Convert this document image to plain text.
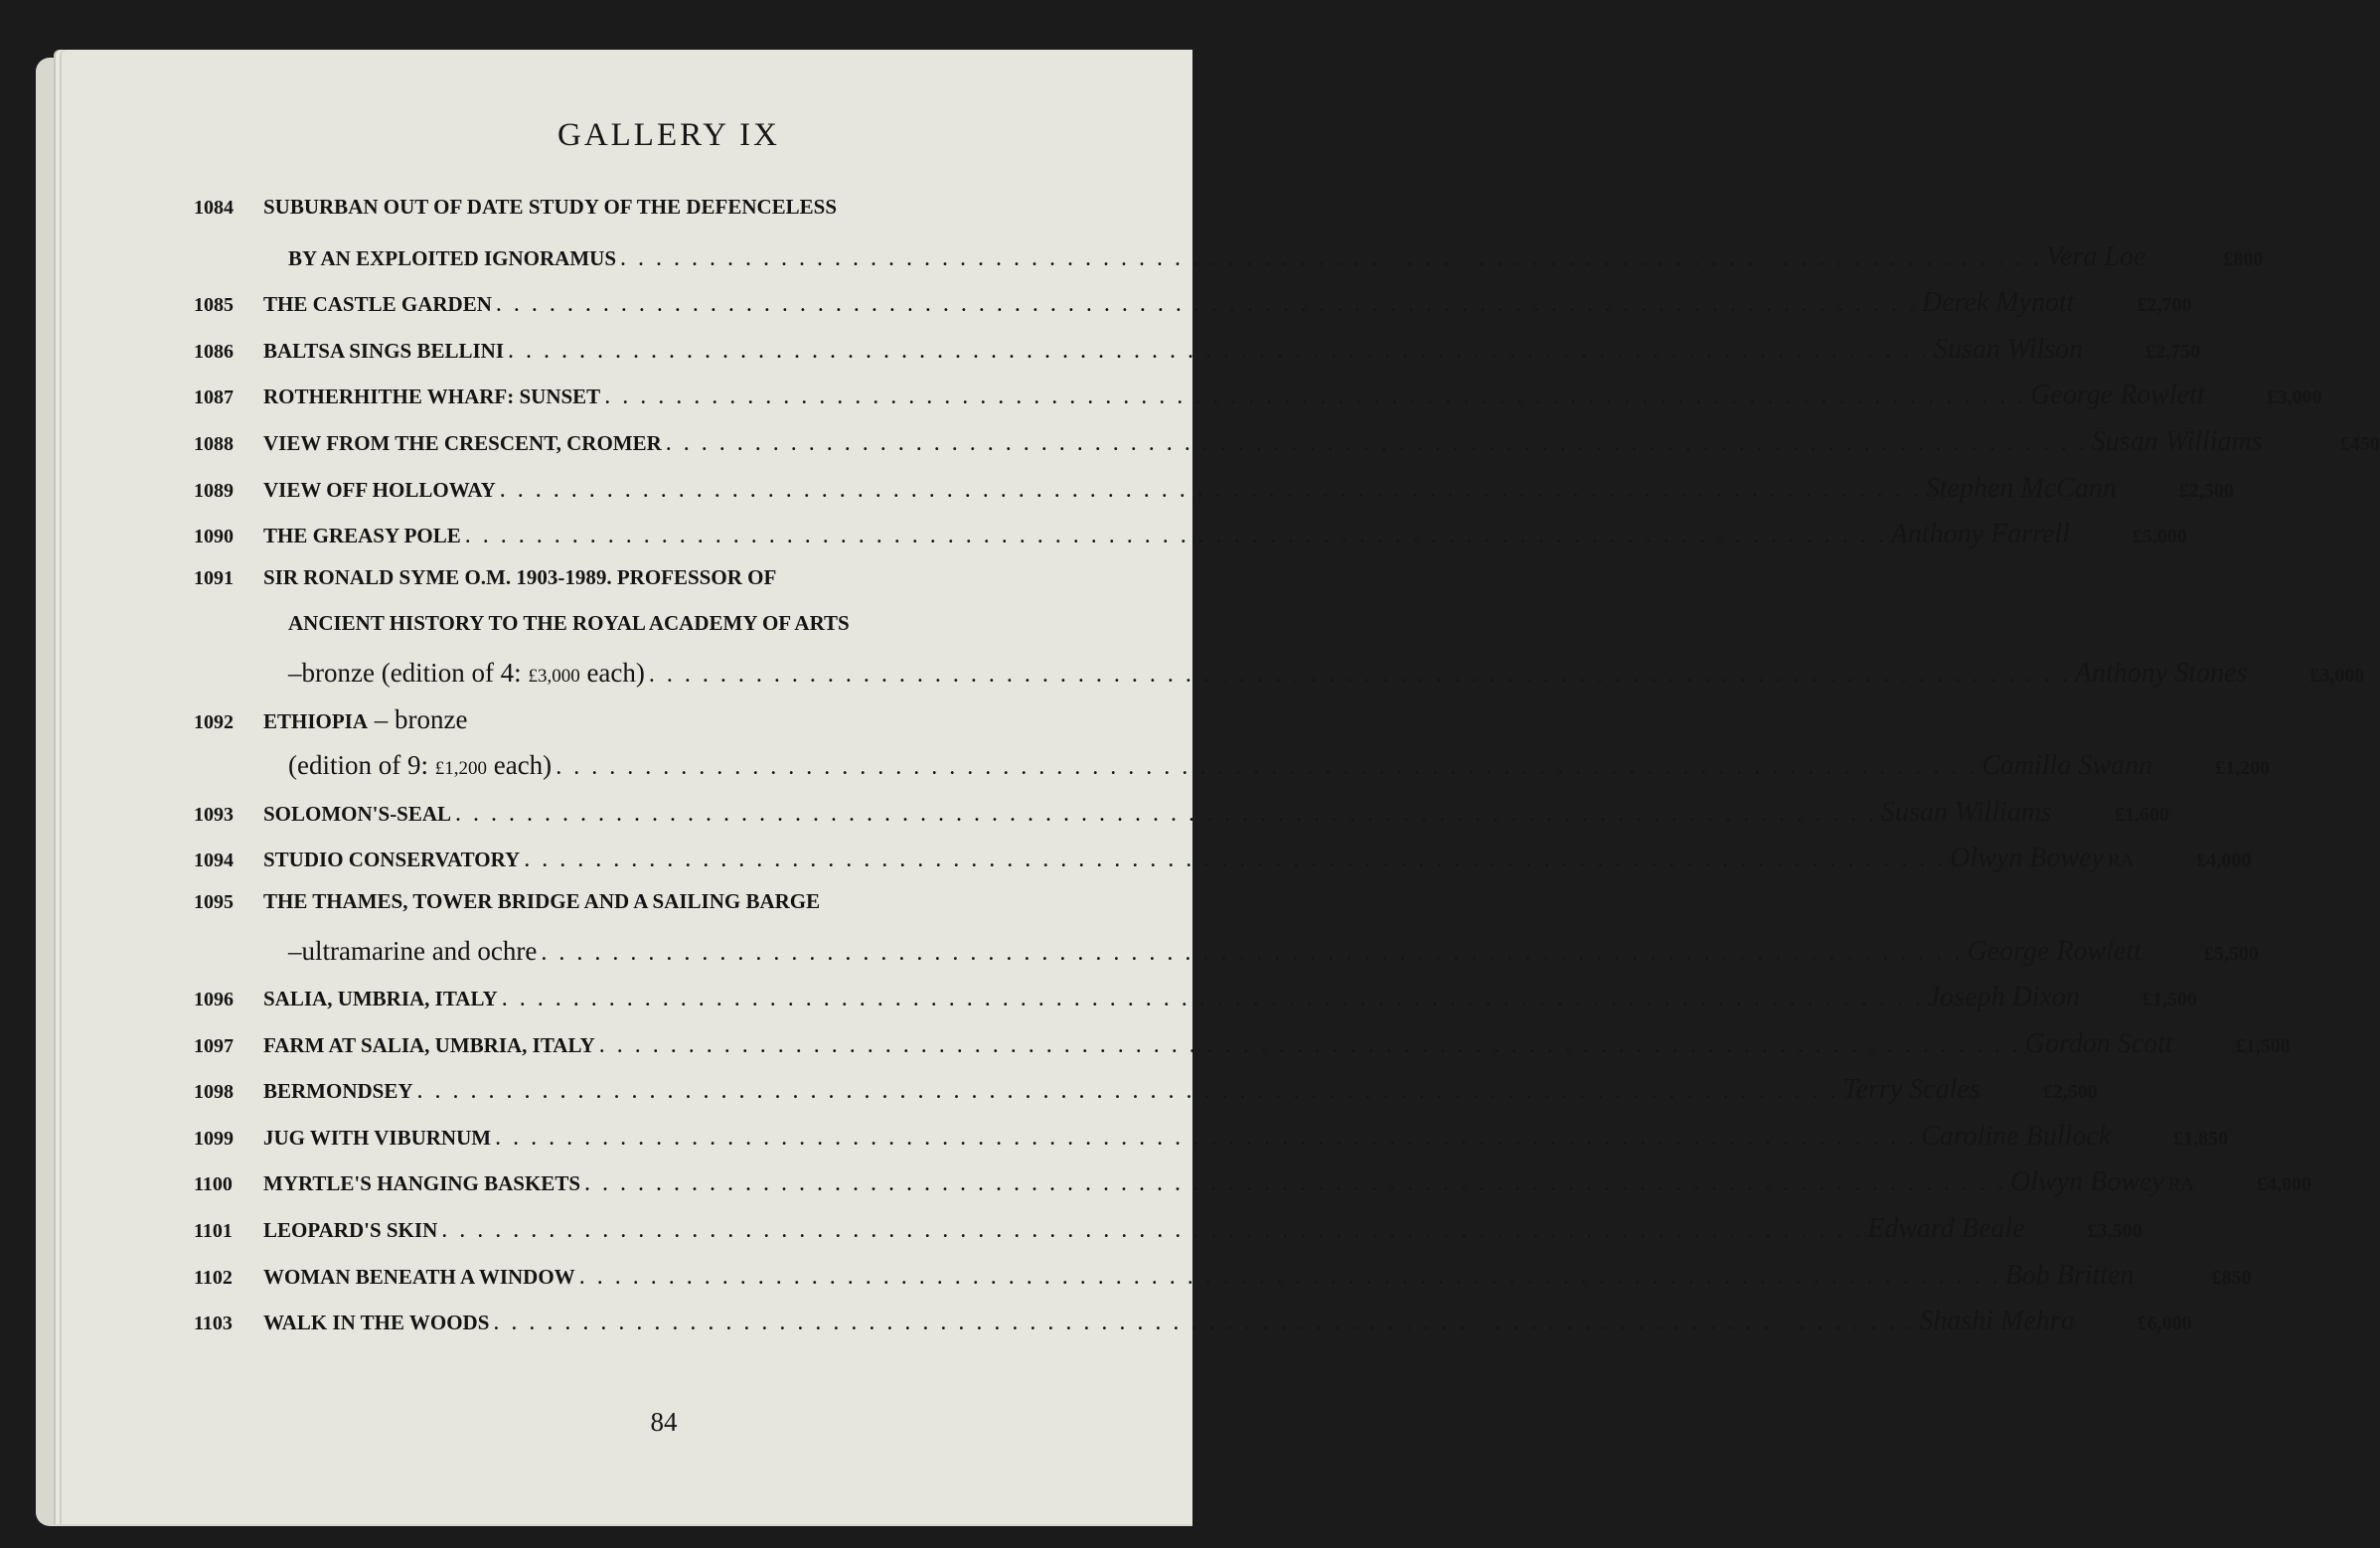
GALLERY IX
1084	SUBURBAN OUT OF DATE STUDY OF THE DEFENCELESS
BY AN EXPLOITED IGNORAMUS . . . . . . . . . . . . . . . . . . . . . . . . . . . . . . . . . . . . . . . . . . . . . . . . . . . . . . . . . . . . . . . . . . . . . . . . . . . . . . . . Vera Loe	£800
1085	THE CASTLE GARDEN . . . . . . . . . . . . . . . . . . . . . . . . . . . . . . . . . . . . . . . . . . . . . . . . . . . . . . . . . . . . . . . . . . . . . . . . . . . . . . . . Derek Mynott	£2,700
1086	BALTSA SINGS BELLINI . . . . . . . . . . . . . . . . . . . . . . . . . . . . . . . . . . . . . . . . . . . . . . . . . . . . . . . . . . . . . . . . . . . . . . . . . . . . . . . . Susan Wilson	£2,750
1087	ROTHERHITHE WHARF: SUNSET . . . . . . . . . . . . . . . . . . . . . . . . . . . . . . . . . . . . . . . . . . . . . . . . . . . . . . . . . . . . . . . . . . . . . . . . . . . . . . . . George Rowlett	£3,000
1088	VIEW FROM THE CRESCENT, CROMER . . . . . . . . . . . . . . . . . . . . . . . . . . . . . . . . . . . . . . . . . . . . . . . . . . . . . . . . . . . . . . . . . . . . . . . . . . . . . . . . Susan Williams	£450
1089	VIEW OFF HOLLOWAY . . . . . . . . . . . . . . . . . . . . . . . . . . . . . . . . . . . . . . . . . . . . . . . . . . . . . . . . . . . . . . . . . . . . . . . . . . . . . . . . Stephen McCann	£2,500
1090	THE GREASY POLE . . . . . . . . . . . . . . . . . . . . . . . . . . . . . . . . . . . . . . . . . . . . . . . . . . . . . . . . . . . . . . . . . . . . . . . . . . . . . . . . Anthony Farrell	£5,000
1091	SIR RONALD SYME O.M. 1903-1989. PROFESSOR OF
ANCIENT HISTORY TO THE ROYAL ACADEMY OF ARTS
–bronze (edition of 4: £3,000 each) . . . . . . . . . . . . . . . . . . . . . . . . . . . . . . . . . . . . . . . . . . . . . . . . . . . . . . . . . . . . . . . . . . . . . . . . . . . . . . . . Anthony Stones	£3,000
1092	ETHIOPIA – bronze
(edition of 9: £1,200 each) . . . . . . . . . . . . . . . . . . . . . . . . . . . . . . . . . . . . . . . . . . . . . . . . . . . . . . . . . . . . . . . . . . . . . . . . . . . . . . . . Camilla Swann	£1,200
1093	SOLOMON'S-SEAL . . . . . . . . . . . . . . . . . . . . . . . . . . . . . . . . . . . . . . . . . . . . . . . . . . . . . . . . . . . . . . . . . . . . . . . . . . . . . . . . Susan Williams	£1,600
1094	STUDIO CONSERVATORY . . . . . . . . . . . . . . . . . . . . . . . . . . . . . . . . . . . . . . . . . . . . . . . . . . . . . . . . . . . . . . . . . . . . . . . . . . . . . . . . Olwyn Bowey RA	£4,000
1095	THE THAMES, TOWER BRIDGE AND A SAILING BARGE
–ultramarine and ochre . . . . . . . . . . . . . . . . . . . . . . . . . . . . . . . . . . . . . . . . . . . . . . . . . . . . . . . . . . . . . . . . . . . . . . . . . . . . . . . . George Rowlett	£5,500
1096	SALIA, UMBRIA, ITALY . . . . . . . . . . . . . . . . . . . . . . . . . . . . . . . . . . . . . . . . . . . . . . . . . . . . . . . . . . . . . . . . . . . . . . . . . . . . . . . . Joseph Dixon	£1,500
1097	FARM AT SALIA, UMBRIA, ITALY . . . . . . . . . . . . . . . . . . . . . . . . . . . . . . . . . . . . . . . . . . . . . . . . . . . . . . . . . . . . . . . . . . . . . . . . . . . . . . . . Gordon Scott	£1,500
1098	BERMONDSEY . . . . . . . . . . . . . . . . . . . . . . . . . . . . . . . . . . . . . . . . . . . . . . . . . . . . . . . . . . . . . . . . . . . . . . . . . . . . . . . . Terry Scales	£2,500
1099	JUG WITH VIBURNUM . . . . . . . . . . . . . . . . . . . . . . . . . . . . . . . . . . . . . . . . . . . . . . . . . . . . . . . . . . . . . . . . . . . . . . . . . . . . . . . . Caroline Bullock	£1,850
1100	MYRTLE'S HANGING BASKETS . . . . . . . . . . . . . . . . . . . . . . . . . . . . . . . . . . . . . . . . . . . . . . . . . . . . . . . . . . . . . . . . . . . . . . . . . . . . . . . . Olwyn Bowey RA	£4,000
1101	LEOPARD'S SKIN . . . . . . . . . . . . . . . . . . . . . . . . . . . . . . . . . . . . . . . . . . . . . . . . . . . . . . . . . . . . . . . . . . . . . . . . . . . . . . . . Edward Beale	£3,500
1102	WOMAN BENEATH A WINDOW . . . . . . . . . . . . . . . . . . . . . . . . . . . . . . . . . . . . . . . . . . . . . . . . . . . . . . . . . . . . . . . . . . . . . . . . . . . . . . . . Bob Britten	£850
1103	WALK IN THE WOODS . . . . . . . . . . . . . . . . . . . . . . . . . . . . . . . . . . . . . . . . . . . . . . . . . . . . . . . . . . . . . . . . . . . . . . . . . . . . . . . . Shashi Mehra	£6,000
84
